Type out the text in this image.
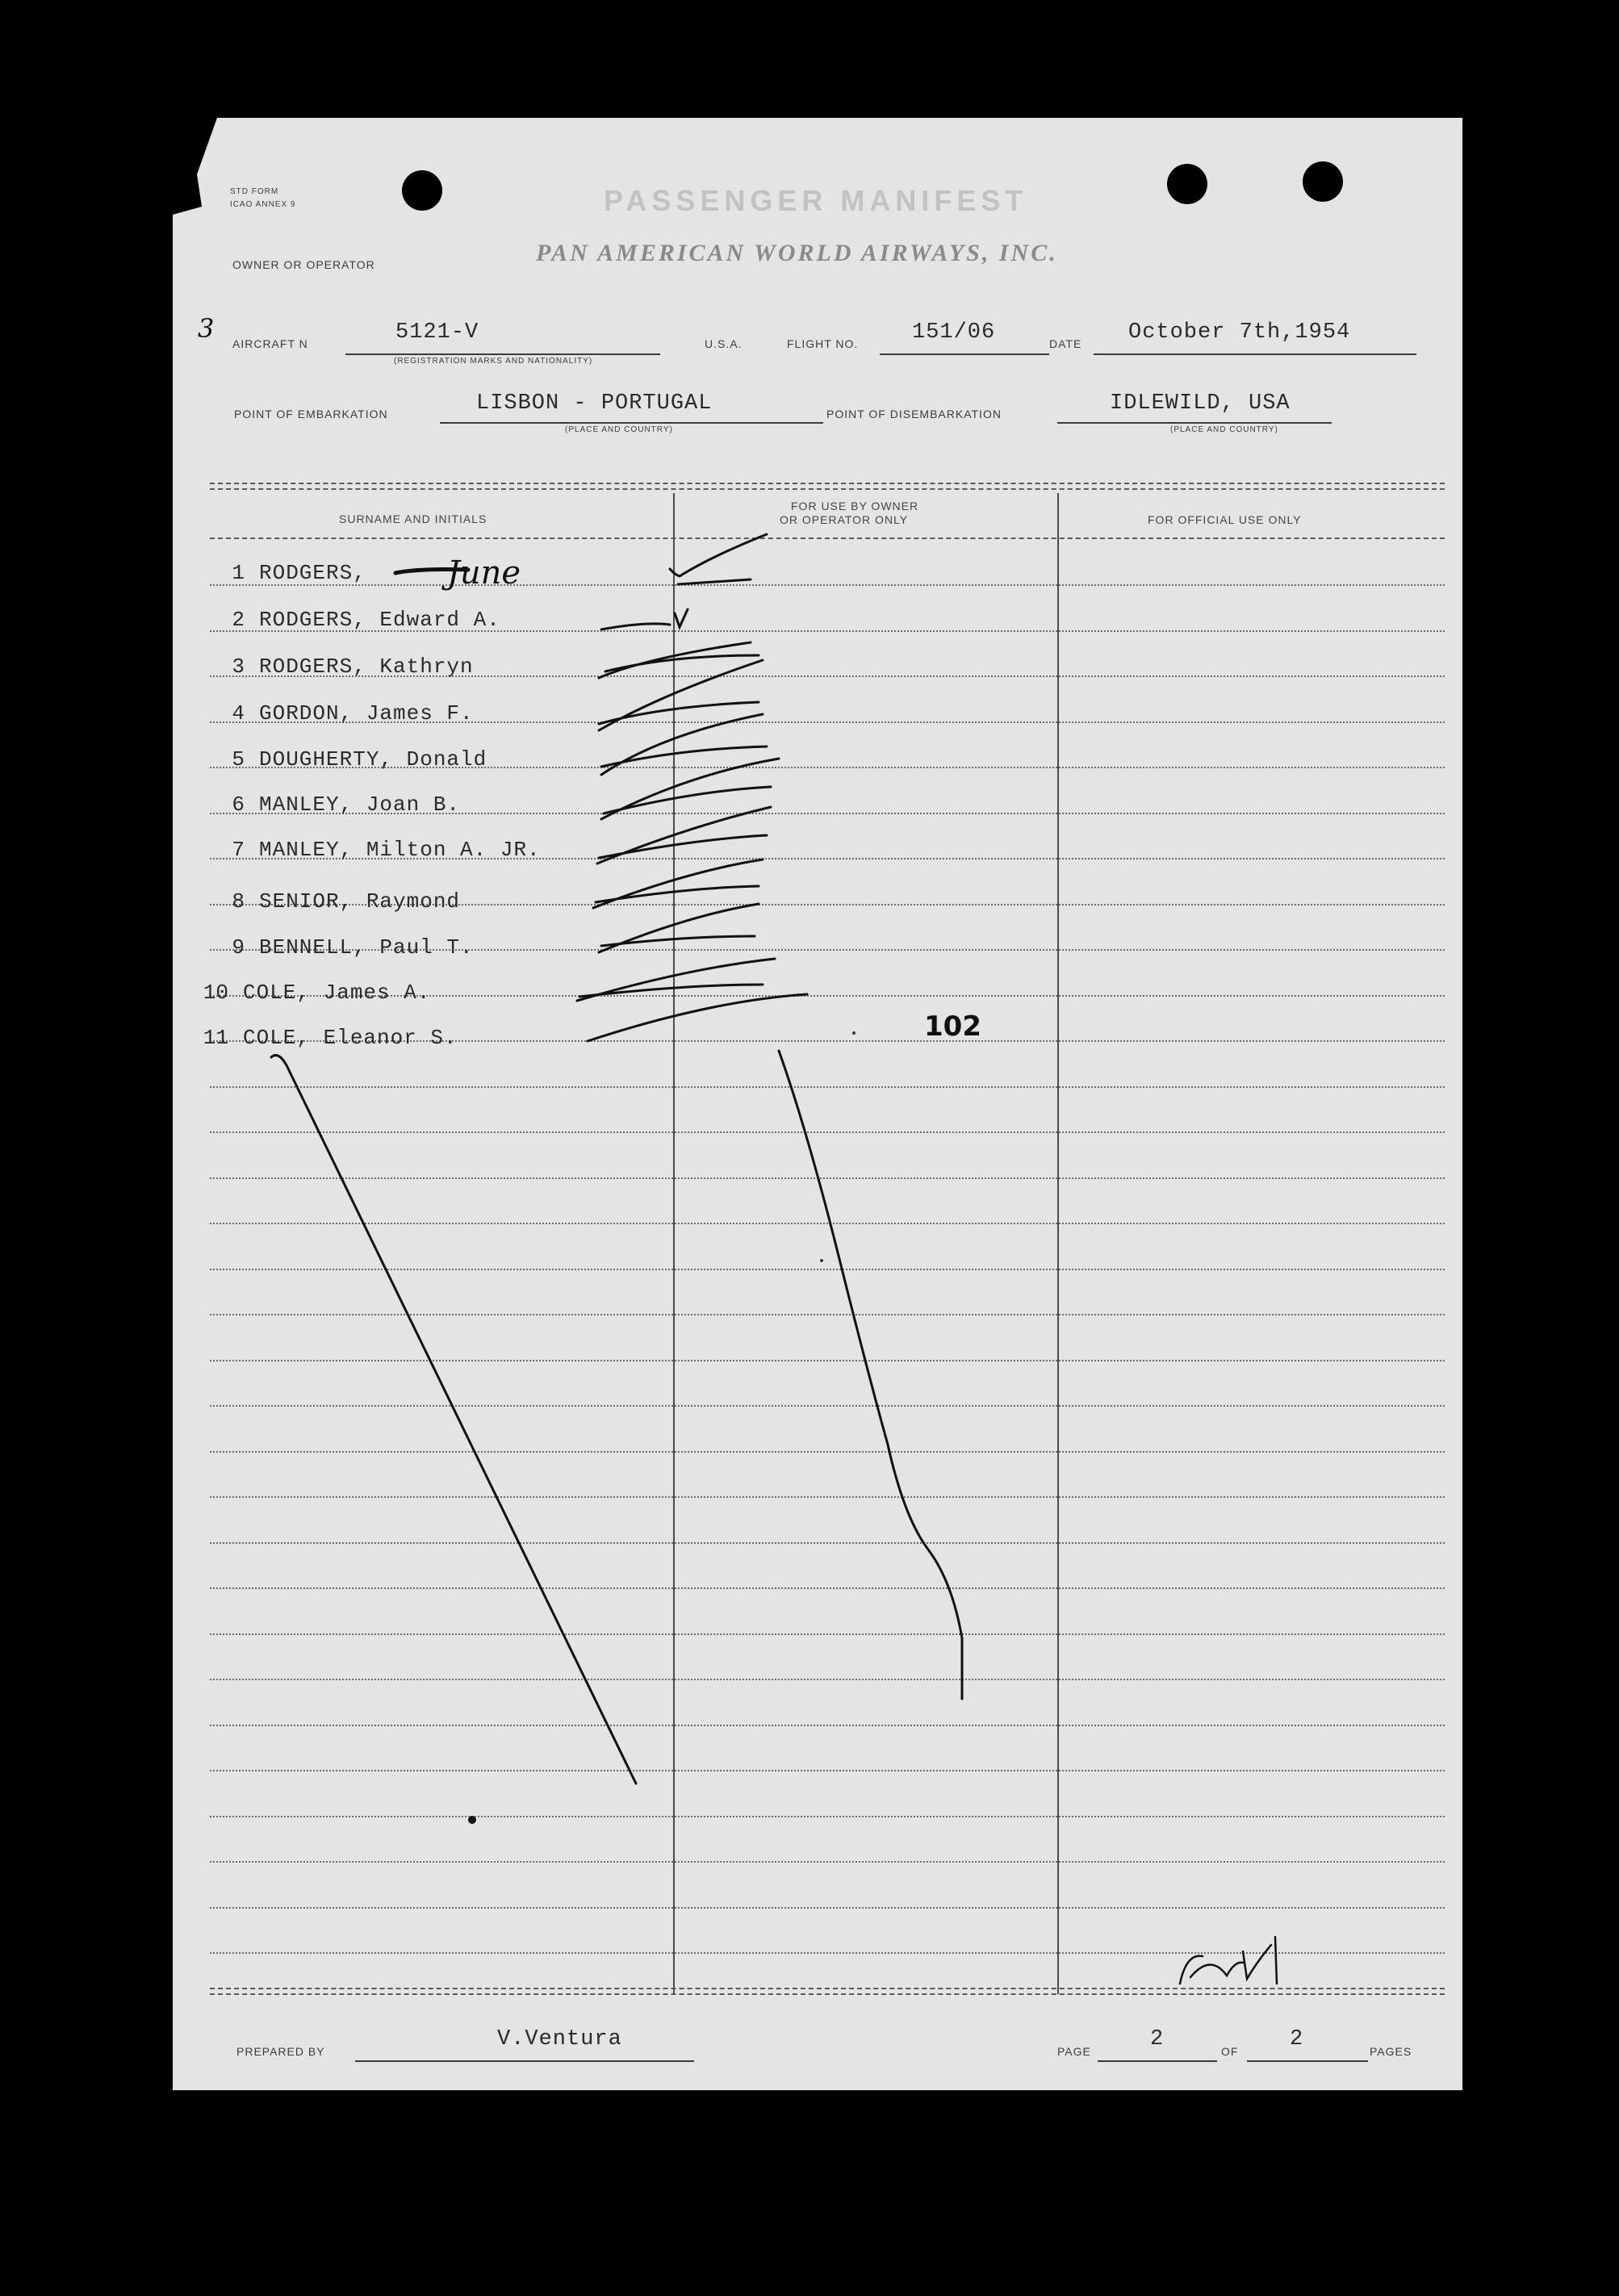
STD FORM
ICAO ANNEX 9	PASSENGER MANIFEST
OWNER OR OPERATOR	PAN AMERICAN WORLD AIRWAYS, INC.
3 AIRCRAFT N	5121-V
(REGISTRATION MARKS AND NATIONALITY)
U.S.A.	FLIGHT NO. 151/06	DATE October 7th,1954
POINT OF EMBARKATION	LISBON - PORTUGAL
(PLACE AND COUNTRY)
POINT OF DISEMBARKATION	IDLEWILD, USA
(PLACE AND COUNTRY)
SURNAME AND INITIALS
FOR USE BY OWNER
OR OPERATOR ONLY	FOR OFFICIAL USE ONLY
1 RODGERS,	June
2 RODGERS, Edward A.
3 RODGERS, Kathryn
4 GORDON, James F.
5 DOUGHERTY, Donald
6 MANLEY, Joan B.
7 MANLEY, Milton A. JR.
8 SENIOR, Raymond
9 BENNELL, Paul T.
10 COLE, James A.
11 COLE, Eleanor S.	102
PREPARED BY	V.Ventura	PAGE	2	OF 2	PAGES
